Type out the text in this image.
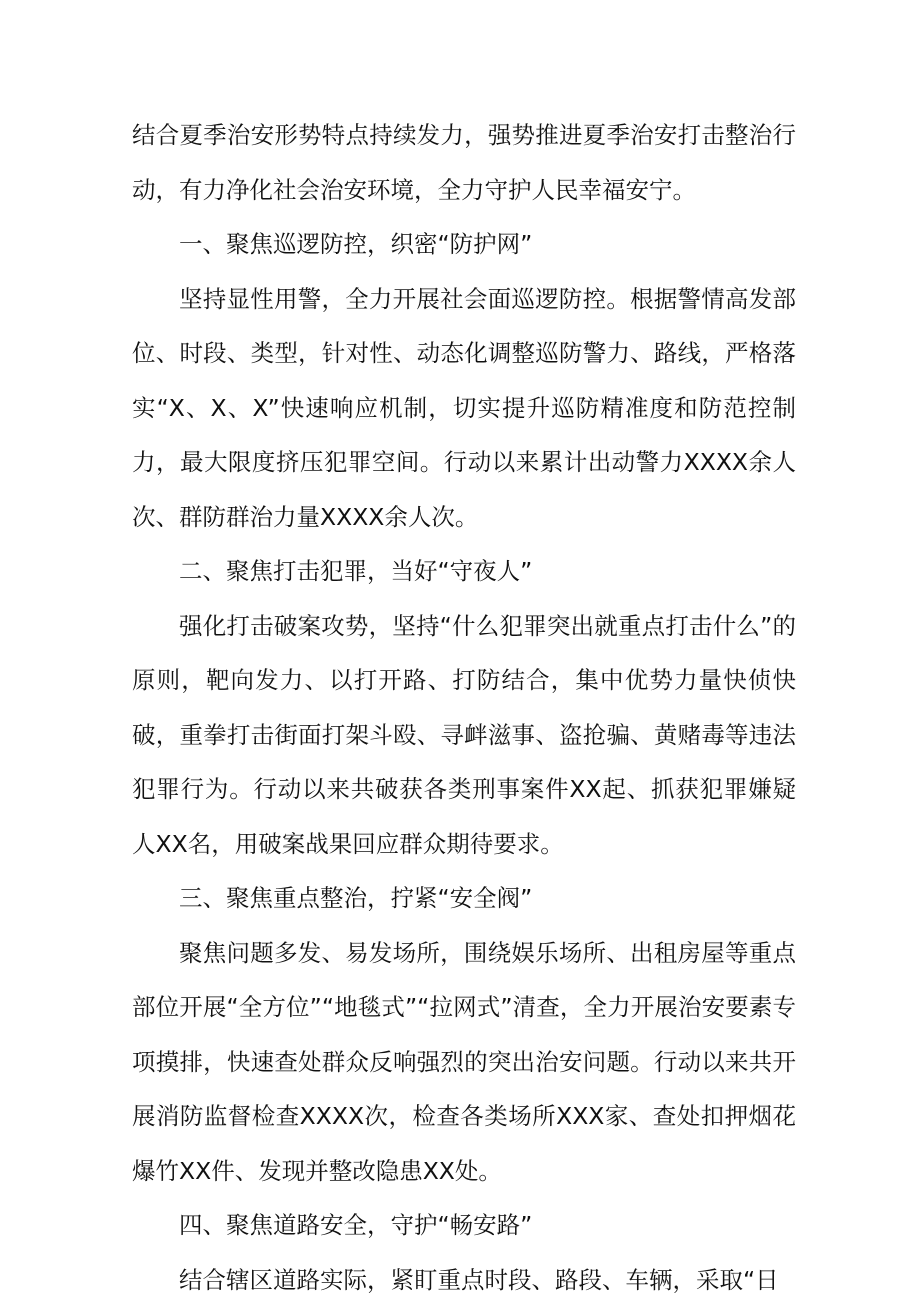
结合夏季治安形势特点持续发力，强势推进夏季治安打击整治行动，有力净化社会治安环境，全力守护人民幸福安宁。

一、聚焦巡逻防控，织密“防护网”

坚持显性用警，全力开展社会面巡逻防控。根据警情高发部位、时段、类型，针对性、动态化调整巡防警力、路线，严格落实“X、X、X”快速响应机制，切实提升巡防精准度和防范控制力，最大限度挤压犯罪空间。行动以来累计出动警力XXXX余人次、群防群治力量XXXX余人次。

二、聚焦打击犯罪，当好“守夜人”

强化打击破案攻势，坚持“什么犯罪突出就重点打击什么”的原则，靶向发力、以打开路、打防结合，集中优势力量快侦快破，重拳打击街面打架斗殴、寻衅滋事、盗抢骗、黄赌毒等违法犯罪行为。行动以来共破获各类刑事案件XX起、抓获犯罪嫌疑人XX名，用破案战果回应群众期待要求。

三、聚焦重点整治，拧紧“安全阀”

聚焦问题多发、易发场所，围绕娱乐场所、出租房屋等重点部位开展“全方位”“地毯式”“拉网式”清查，全力开展治安要素专项摸排，快速查处群众反响强烈的突出治安问题。行动以来共开展消防监督检查XXXX次，检查各类场所XXX家、查处扣押烟花爆竹XX件、发现并整改隐患XX处。

四、聚焦道路安全，守护“畅安路”

结合辖区道路实际，紧盯重点时段、路段、车辆，采取“日
